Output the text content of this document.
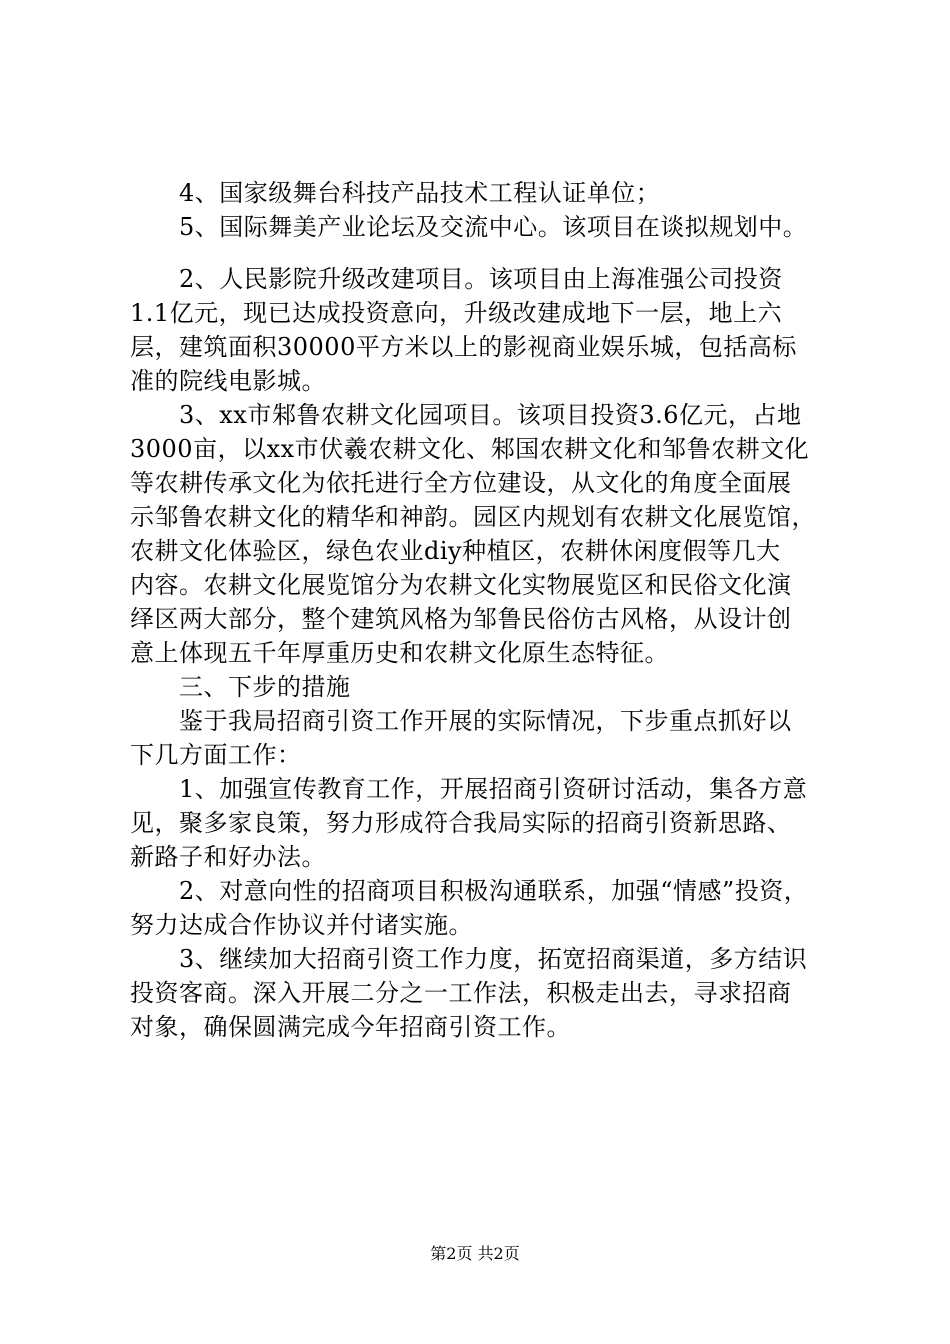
　　4、国家级舞台科技产品技术工程认证单位；
　　5、国际舞美产业论坛及交流中心。该项目在谈拟规划中。
　　2、人民影院升级改建项目。该项目由上海准强公司投资
1.1亿元，现已达成投资意向，升级改建成地下一层，地上六
层，建筑面积30000平方米以上的影视商业娱乐城，包括高标
准的院线电影城。
　　3、xx市邾鲁农耕文化园项目。该项目投资3.6亿元，占地
3000亩，以xx市伏羲农耕文化、邾国农耕文化和邹鲁农耕文化
等农耕传承文化为依托进行全方位建设，从文化的角度全面展
示邹鲁农耕文化的精华和神韵。园区内规划有农耕文化展览馆，
农耕文化体验区，绿色农业diy种植区，农耕休闲度假等几大
内容。农耕文化展览馆分为农耕文化实物展览区和民俗文化演
绎区两大部分，整个建筑风格为邹鲁民俗仿古风格，从设计创
意上体现五千年厚重历史和农耕文化原生态特征。
　　三、下步的措施
　　鉴于我局招商引资工作开展的实际情况，下步重点抓好以
下几方面工作：
　　1、加强宣传教育工作，开展招商引资研讨活动，集各方意
见，聚多家良策，努力形成符合我局实际的招商引资新思路、
新路子和好办法。
　　2、对意向性的招商项目积极沟通联系，加强“情感”投资，
努力达成合作协议并付诸实施。
　　3、继续加大招商引资工作力度，拓宽招商渠道，多方结识
投资客商。深入开展二分之一工作法，积极走出去，寻求招商
对象，确保圆满完成今年招商引资工作。
第2页 共2页
